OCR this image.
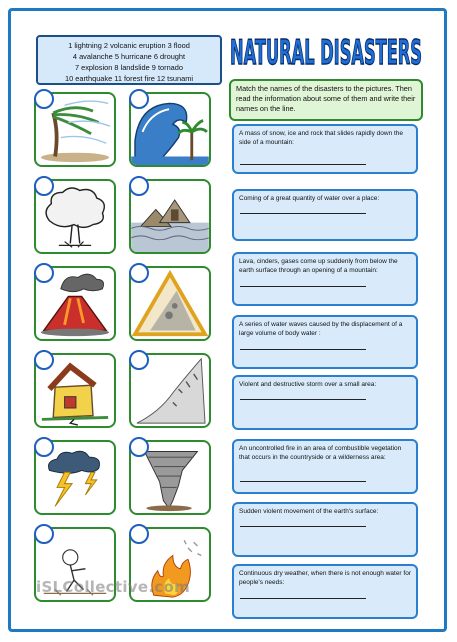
1 lightning 2 volcanic eruption 3 flood
4 avalanche 5 hurricane 6 drought
7 explosion 8 landslide 9 tornado
10 earthquake 11 forest fire 12 tsunami
NATURAL DISASTERS
Match the names of the disasters to the pictures. Then read the information about some of them and write their names on the line.
A mass of snow, ice and rock that slides rapidly down the side of a mountain:
Coming of a great quantity of water over a place:
Lava, cinders, gases come up suddenly from below the earth surface through an opening of a mountain:
A series of water waves caused by the displacement of a large volume of body water :
Violent and destructive storm over a small area:
An uncontrolled fire in an area of combustible vegetation that occurs in the countryside or a wilderness area:
Sudden violent movement of the earth's surface:
Continuous dry weather, when there is not enough water for people's needs:
iSLCollective.com
